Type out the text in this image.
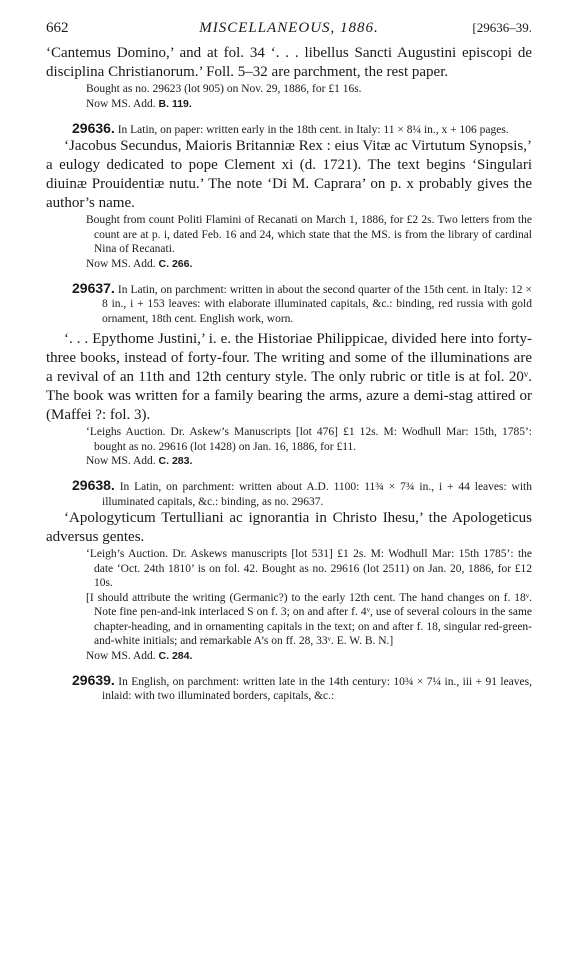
662	MISCELLANEOUS, 1886.	[29636–39.

‘Cantemus Domino,’ and at fol. 34 ‘. . . libellus Sancti Augustini episcopi de disciplina Christianorum.’ Foll. 5–32 are parchment, the rest paper.

Bought as no. 29623 (lot 905) on Nov. 29, 1886, for £1 16s.

Now MS. Add. B. 119.

29636. In Latin, on paper: written early in the 18th cent. in Italy: 11 × 8¼ in., x + 106 pages.

‘Jacobus Secundus, Maioris Britanniæ Rex : eius Vitæ ac Virtutum Synopsis,’ a eulogy dedicated to pope Clement xi (d. 1721). The text begins ‘Singulari diuinæ Prouidentiæ nutu.’ The note ‘Di M. Caprara’ on p. x probably gives the author’s name.

Bought from count Politi Flamini of Recanati on March 1, 1886, for £2 2s. Two letters from the count are at p. i, dated Feb. 16 and 24, which state that the MS. is from the library of cardinal Nina of Recanati.

Now MS. Add. C. 266.

29637. In Latin, on parchment: written in about the second quarter of the 15th cent. in Italy: 12 × 8 in., i + 153 leaves: with elaborate illuminated capitals, &c.: binding, red russia with gold ornament, 18th cent. English work, worn.

‘. . . Epythome Justini,’ i. e. the Historiae Philippicae, divided here into forty-three books, instead of forty-four. The writing and some of the illuminations are a revival of an 11th and 12th century style. The only rubric or title is at fol. 20ᵛ. The book was written for a family bearing the arms, azure a demi-stag attired or (Maffei ?: fol. 3).

‘Leighs Auction. Dr. Askew’s Manuscripts [lot 476] £1 12s. M: Wodhull Mar: 15th, 1785’: bought as no. 29616 (lot 1428) on Jan. 16, 1886, for £11.

Now MS. Add. C. 283.

29638. In Latin, on parchment: written about A.D. 1100: 11¾ × 7¾ in., i + 44 leaves: with illuminated capitals, &c.: binding, as no. 29637.

‘Apologyticum Tertulliani ac ignorantia in Christo Ihesu,’ the Apologeticus adversus gentes.

‘Leigh’s Auction. Dr. Askews manuscripts [lot 531] £1 2s. M: Wodhull Mar: 15th 1785’: the date ‘Oct. 24th 1810’ is on fol. 42. Bought as no. 29616 (lot 2511) on Jan. 20, 1886, for £12 10s.

[I should attribute the writing (Germanic?) to the early 12th cent. The hand changes on f. 18ᵛ. Note fine pen-and-ink interlaced S on f. 3; on and after f. 4ᵛ, use of several colours in the same chapter-heading, and in ornamenting capitals in the text; on and after f. 18, singular red-green-and-white initials; and remarkable A’s on ff. 28, 33ᵛ. E. W. B. N.]

Now MS. Add. C. 284.

29639. In English, on parchment: written late in the 14th century: 10¾ × 7¼ in., iii + 91 leaves, inlaid: with two illuminated borders, capitals, &c.:
